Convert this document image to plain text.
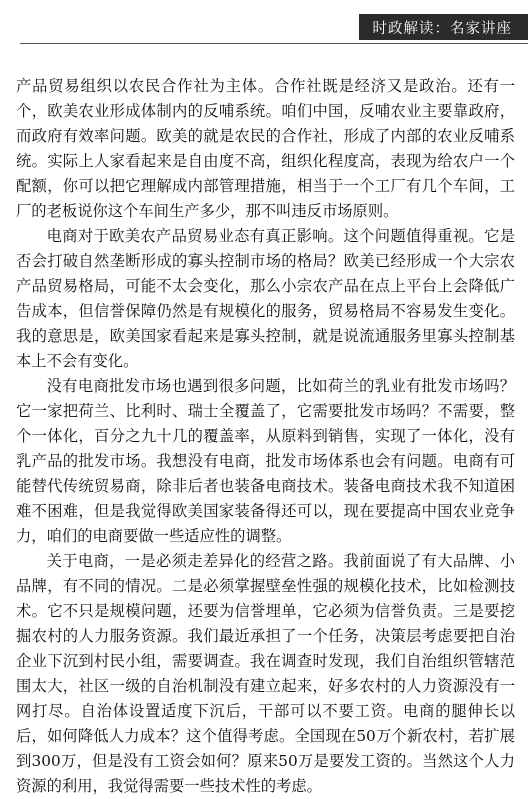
时政解读：名家讲座

产品贸易组织以农民合作社为主体。合作社既是经济又是政治。还有一个，欧美农业形成体制内的反哺系统。咱们中国，反哺农业主要靠政府，而政府有效率问题。欧美的就是农民的合作社，形成了内部的农业反哺系统。实际上人家看起来是自由度不高，组织化程度高，表现为给农户一个配额，你可以把它理解成内部管理措施，相当于一个工厂有几个车间，工厂的老板说你这个车间生产多少，那不叫违反市场原则。

电商对于欧美农产品贸易业态有真正影响。这个问题值得重视。它是否会打破自然垄断形成的寡头控制市场的格局？欧美已经形成一个大宗农产品贸易格局，可能不太会变化，那么小宗农产品在点上平台上会降低广告成本，但信誉保障仍然是有规模化的服务，贸易格局不容易发生变化。我的意思是，欧美国家看起来是寡头控制，就是说流通服务里寡头控制基本上不会有变化。

没有电商批发市场也遇到很多问题，比如荷兰的乳业有批发市场吗？它一家把荷兰、比利时、瑞士全覆盖了，它需要批发市场吗？不需要，整个一体化，百分之九十几的覆盖率，从原料到销售，实现了一体化，没有乳产品的批发市场。我想没有电商，批发市场体系也会有问题。电商有可能替代传统贸易商，除非后者也装备电商技术。装备电商技术我不知道困难不困难，但是我觉得欧美国家装备得还可以，现在要提高中国农业竞争力，咱们的电商要做一些适应性的调整。

关于电商，一是必须走差异化的经营之路。我前面说了有大品牌、小品牌，有不同的情况。二是必须掌握壁垒性强的规模化技术，比如检测技术。它不只是规模问题，还要为信誉埋单，它必须为信誉负责。三是要挖掘农村的人力服务资源。我们最近承担了一个任务，决策层考虑要把自治企业下沉到村民小组，需要调查。我在调查时发现，我们自治组织管辖范围太大，社区一级的自治机制没有建立起来，好多农村的人力资源没有一网打尽。自治体设置适度下沉后，干部可以不要工资。电商的腿伸长以后，如何降低人力成本？这个值得考虑。全国现在50万个新农村，若扩展到300万，但是没有工资会如何？原来50万是要发工资的。当然这个人力资源的利用，我觉得需要一些技术性的考虑。
